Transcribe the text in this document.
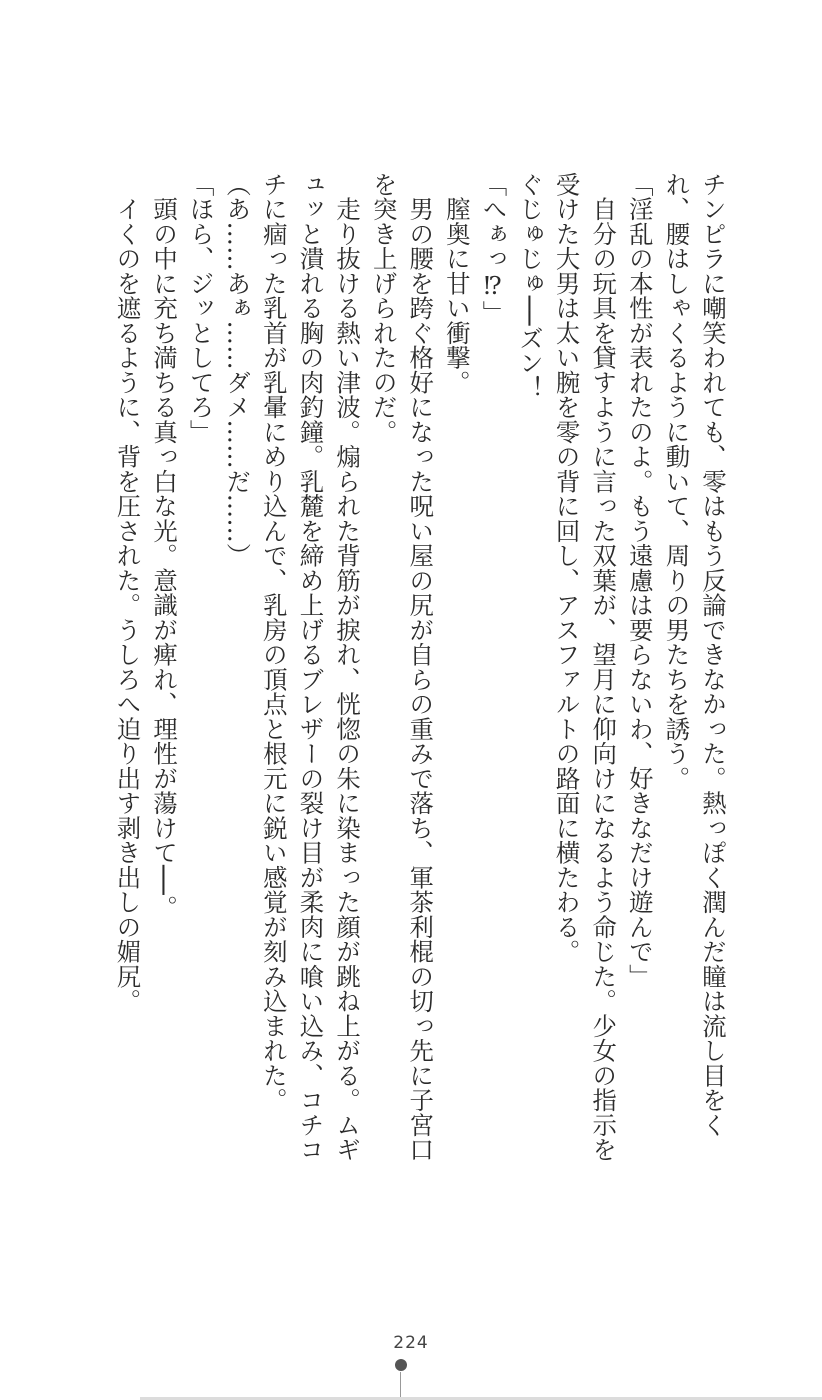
チンピラに嘲笑われても、零はもう反論できなかった。熱っぽく潤んだ瞳は流し目をく
れ、腰はしゃくるように動いて、周りの男たちを誘う。
「淫乱の本性が表れたのよ。もう遠慮は要らないわ、好きなだけ遊んで」
　自分の玩具を貸すように言った双葉が、望月に仰向けになるよう命じた。少女の指示を
受けた大男は太い腕を零の背に回し、アスファルトの路面に横たわる。
ぐじゅじゅ──ズン！
「へぁっ⁉」
　膣奥に甘い衝撃。
　男の腰を跨ぐ格好になった呪い屋の尻が自らの重みで落ち、軍茶利棍の切っ先に子宮口
を突き上げられたのだ。
　走り抜ける熱い津波。煽られた背筋が捩れ、恍惚の朱に染まった顔が跳ね上がる。ムギ
ュッと潰れる胸の肉釣鐘。乳麓を締め上げるブレザーの裂け目が柔肉に喰い込み、コチコ
チに痼った乳首が乳暈にめり込んで、乳房の頂点と根元に鋭い感覚が刻み込まれた。
（あ……あぁ……ダメ……だ……）
「ほら、ジッとしてろ」
　頭の中に充ち満ちる真っ白な光。意識が痺れ、理性が蕩けて──。
　イくのを遮るように、背を圧された。うしろへ迫り出す剥き出しの媚尻。
224
